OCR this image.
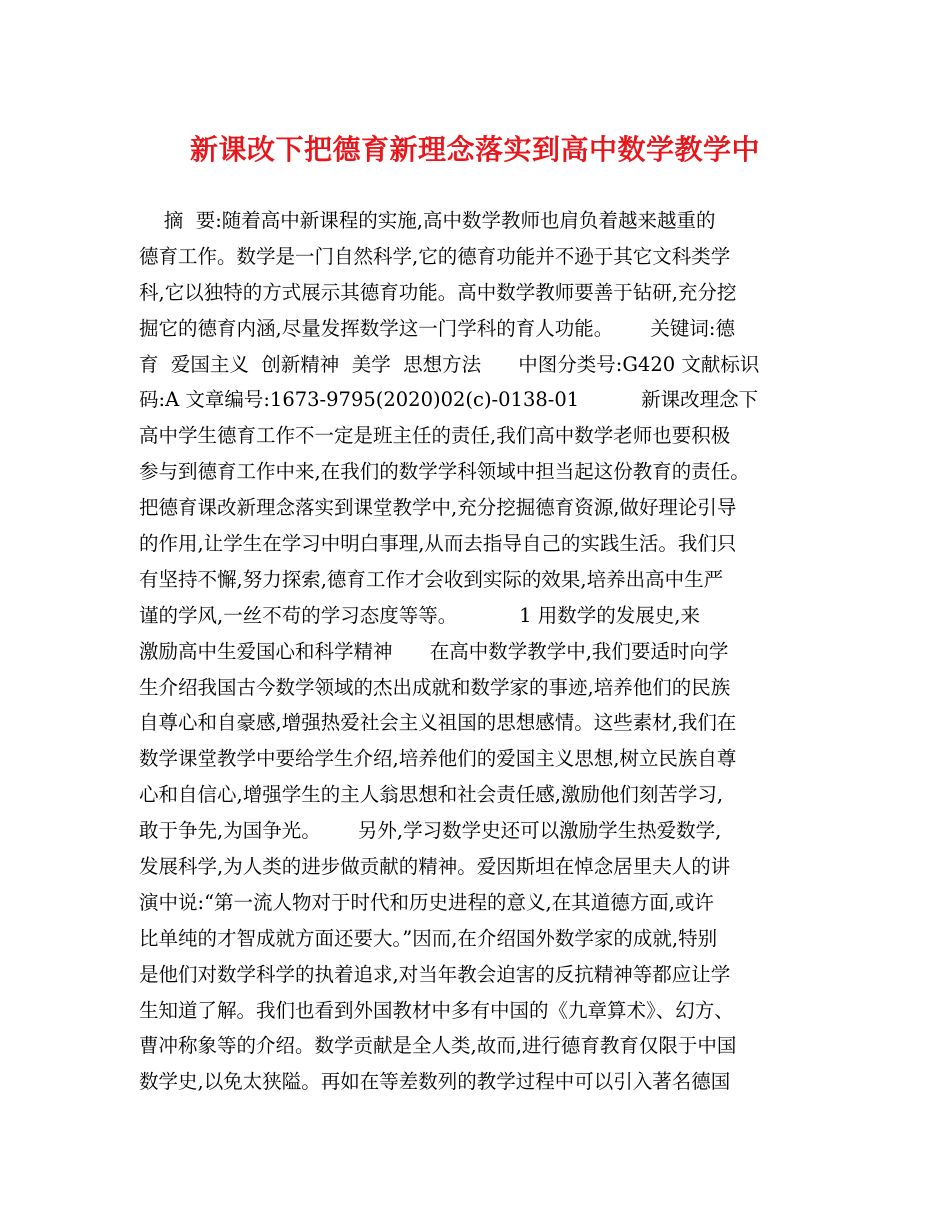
新课改下把德育新理念落实到高中数学教学中
摘  要:随着高中新课程的实施,高中数学教师也肩负着越来越重的
德育工作。数学是一门自然科学,它的德育功能并不逊于其它文科类学
科,它以独特的方式展示其德育功能。高中数学教师要善于钻研,充分挖
掘它的德育内涵,尽量发挥数学这一门学科的育人功能。      关键词:德
育  爱国主义  创新精神  美学  思想方法      中图分类号:G420 文献标识
码:A 文章编号:1673-9795(2020)02(c)-0138-01          新课改理念下
高中学生德育工作不一定是班主任的责任,我们高中数学老师也要积极
参与到德育工作中来,在我们的数学学科领域中担当起这份教育的责任。
把德育课改新理念落实到课堂教学中,充分挖掘德育资源,做好理论引导
的作用,让学生在学习中明白事理,从而去指导自己的实践生活。我们只
有坚持不懈,努力探索,德育工作才会收到实际的效果,培养出高中生严
谨的学风,一丝不苟的学习态度等等。          1 用数学的发展史,来
激励高中生爱国心和科学精神      在高中数学教学中,我们要适时向学
生介绍我国古今数学领域的杰出成就和数学家的事迹,培养他们的民族
自尊心和自豪感,增强热爱社会主义祖国的思想感情。这些素材,我们在
数学课堂教学中要给学生介绍,培养他们的爱国主义思想,树立民族自尊
心和自信心,增强学生的主人翁思想和社会责任感,激励他们刻苦学习,
敢于争先,为国争光。      另外,学习数学史还可以激励学生热爱数学,
发展科学,为人类的进步做贡献的精神。爱因斯坦在悼念居里夫人的讲
演中说:“第一流人物对于时代和历史进程的意义,在其道德方面,或许
比单纯的才智成就方面还要大。”因而,在介绍国外数学家的成就,特别
是他们对数学科学的执着追求,对当年教会迫害的反抗精神等都应让学
生知道了解。我们也看到外国教材中多有中国的《九章算术》、幻方、
曹冲称象等的介绍。数学贡献是全人类,故而,进行德育教育仅限于中国
数学史,以免太狭隘。再如在等差数列的教学过程中可以引入著名德国
